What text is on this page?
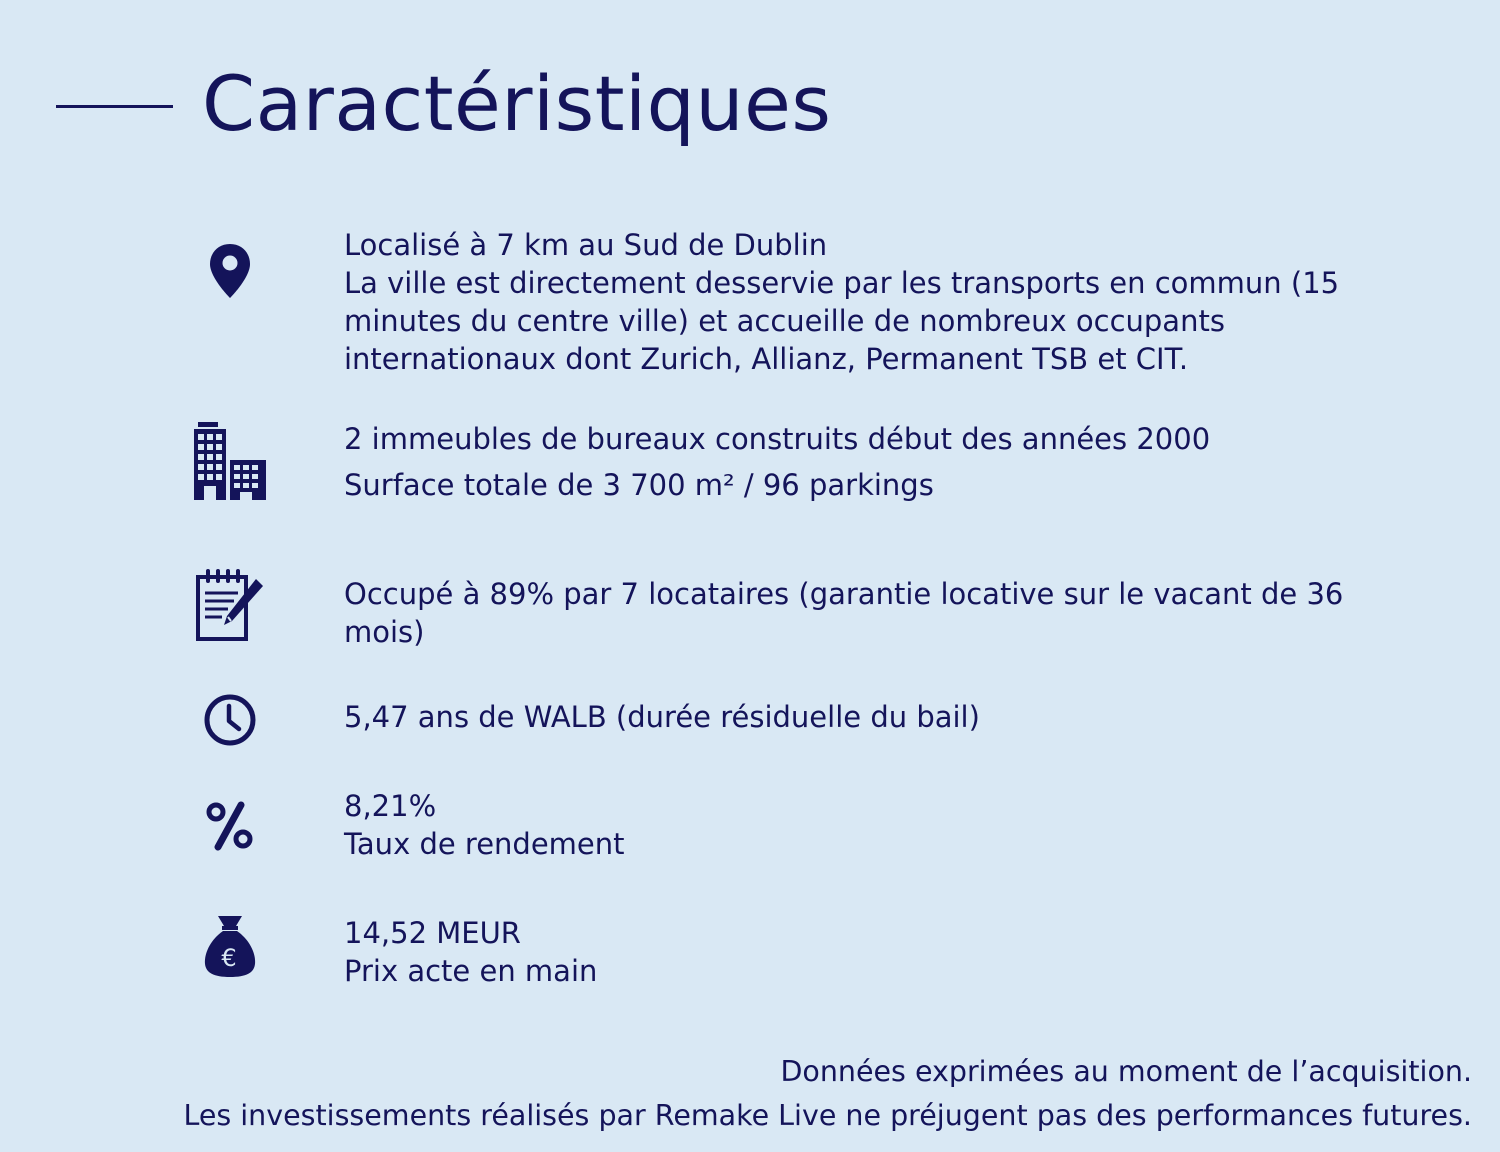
Caractéristiques
Localisé à 7 km au Sud de Dublin
La ville est directement desservie par les transports en commun (15
minutes du centre ville) et accueille de nombreux occupants
internationaux dont Zurich, Allianz, Permanent TSB et CIT.
2 immeubles de bureaux construits début des années 2000
Surface totale de 3 700 m² / 96 parkings
Occupé à 89% par 7 locataires (garantie locative sur le vacant de 36
mois)
5,47 ans de WALB (durée résiduelle du bail)
8,21%
Taux de rendement
€
14,52 MEUR
Prix acte en main
Données exprimées au moment de l’acquisition.
Les investissements réalisés par Remake Live ne préjugent pas des performances futures.
